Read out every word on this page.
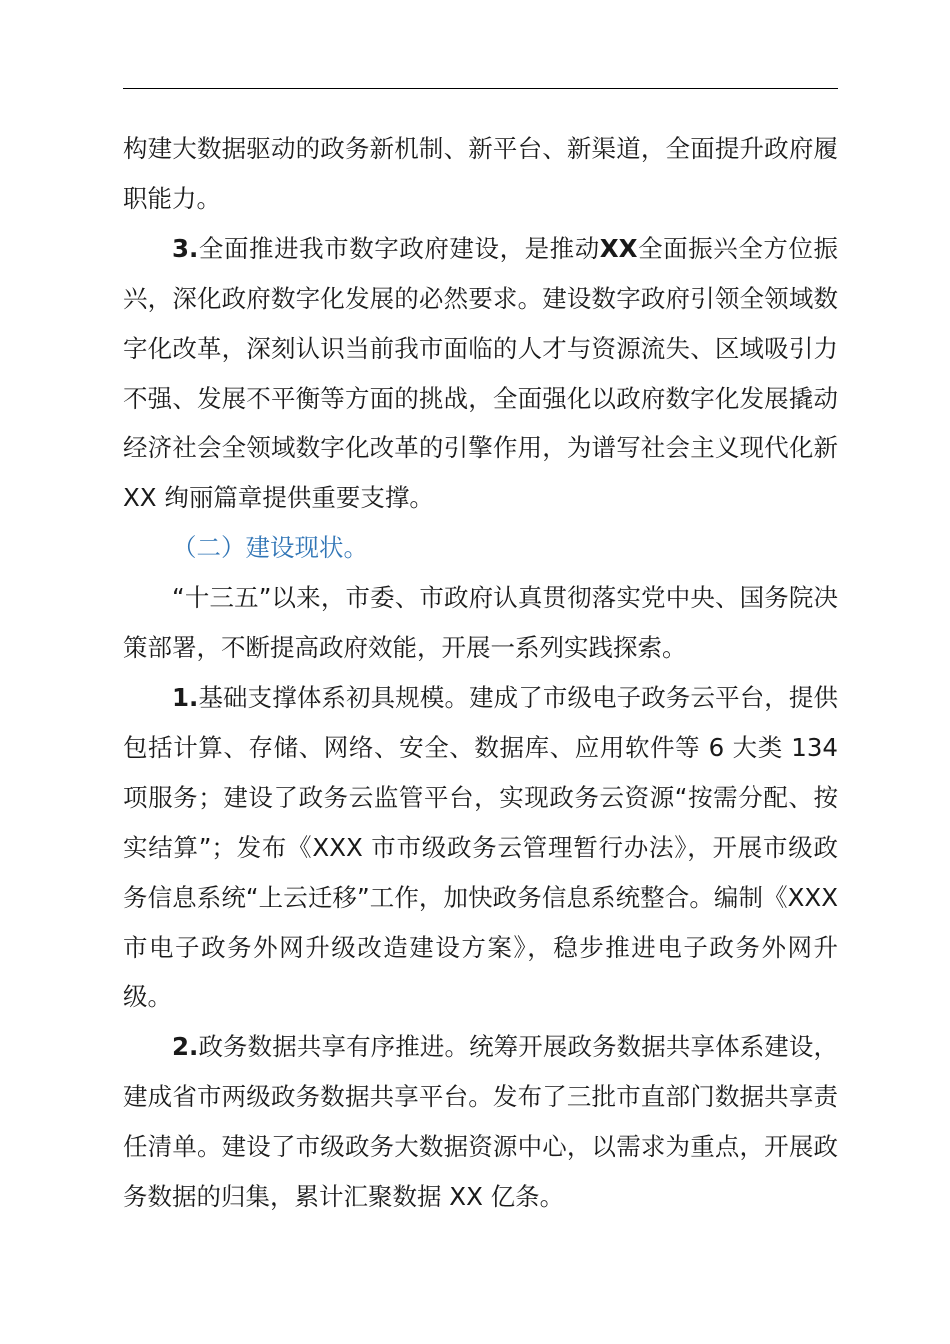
构建大数据驱动的政务新机制、新平台、新渠道，全面提升政府履职能力。

3.全面推进我市数字政府建设，是推动XX全面振兴全方位振兴，深化政府数字化发展的必然要求。建设数字政府引领全领域数字化改革，深刻认识当前我市面临的人才与资源流失、区域吸引力不强、发展不平衡等方面的挑战，全面强化以政府数字化发展撬动经济社会全领域数字化改革的引擎作用，为谱写社会主义现代化新 XX 绚丽篇章提供重要支撑。

（二）建设现状。

“十三五”以来，市委、市政府认真贯彻落实党中央、国务院决策部署，不断提高政府效能，开展一系列实践探索。

1.基础支撑体系初具规模。建成了市级电子政务云平台，提供包括计算、存储、网络、安全、数据库、应用软件等 6 大类 134 项服务；建设了政务云监管平台，实现政务云资源“按需分配、按实结算”；发布《XXX 市市级政务云管理暂行办法》，开展市级政务信息系统“上云迁移”工作，加快政务信息系统整合。编制《XXX 市电子政务外网升级改造建设方案》，稳步推进电子政务外网升级。

2.政务数据共享有序推进。统筹开展政务数据共享体系建设，建成省市两级政务数据共享平台。发布了三批市直部门数据共享责任清单。建设了市级政务大数据资源中心，以需求为重点，开展政务数据的归集，累计汇聚数据 XX 亿条。
